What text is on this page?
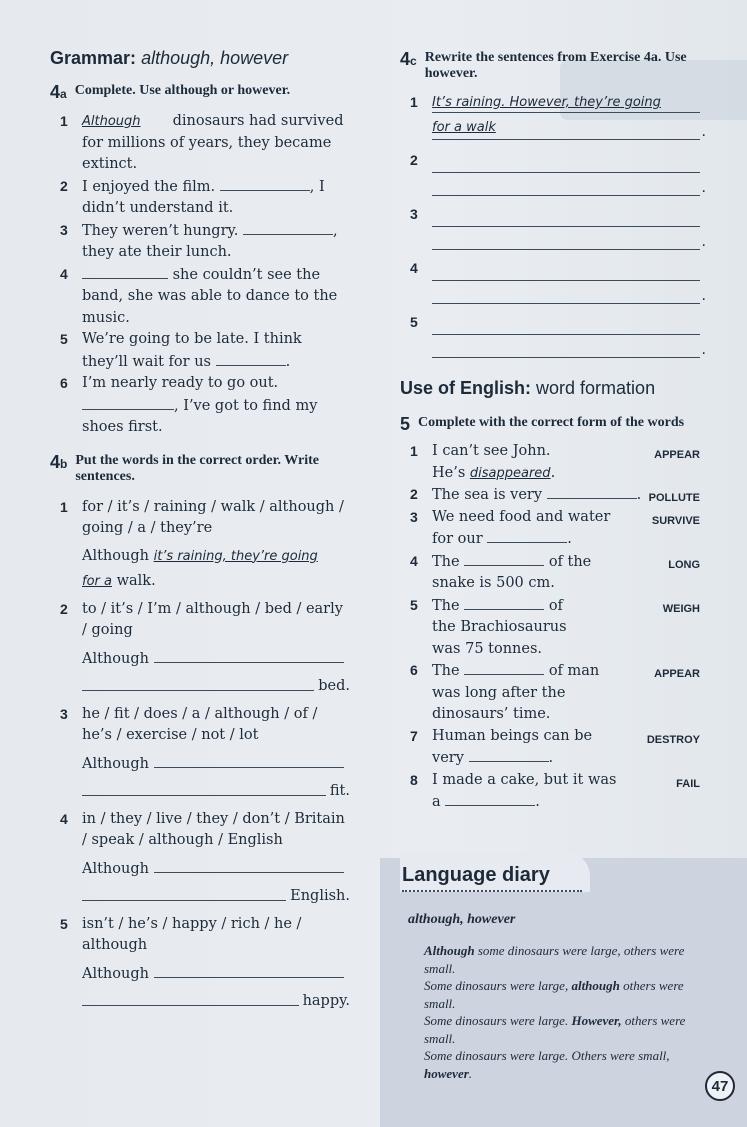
Grammar: although, however
4a Complete. Use although or however.
1	Although dinosaurs had survived for millions of years, they became extinct.
2 I enjoyed the film.	, I didn’t understand it.
3 They weren’t hungry.	, they ate their lunch.
4	she couldn’t see the band, she was able to dance to the music.
5 We’re going to be late. I think they’ll wait for us	.
6 I’m nearly ready to go out. , I’ve got to find my shoes first.
4b Put the words in the correct order. Write sentences.
1 for / it’s / raining / walk / although / going / a / they’re
Although it’s raining, they’re going
for a walk.
2 to / it’s / I’m / although / bed / early / going
Although
bed.
3 he / fit / does / a / although / of / he’s / exercise / not / lot
Although
fit.
4 in / they / live / they / don’t / Britain / speak / although / English
Although
English.
5 isn’t / he’s / happy / rich / he / although
Although
happy.
4c Rewrite the sentences from Exercise 4a. Use however.
1	It’s raining. However, they’re going
for a walk	.
2
.
3
.
4
.
5
.
Use of English: word formation
5 Complete with the correct form of the words
1 I can’t see John.
He’s disappeared.
APPEAR
2 The sea is very	. POLLUTE
3 We need food and water
for our	.
SURVIVE
4 The	of the
snake is 500 cm.
LONG
5 The	of
the Brachiosaurus
was 75 tonnes.
WEIGH
6 The	of man
was long after the
dinosaurs’ time.
APPEAR
7 Human beings can be
very	.
DESTROY
8 I made a cake, but it was
a	.
FAIL
Language diary
although, however

Although some dinosaurs were large, others were small.

Some dinosaurs were large, although others were small.

Some dinosaurs were large. However, others were small.

Some dinosaurs were large. Others were small, however.

47
